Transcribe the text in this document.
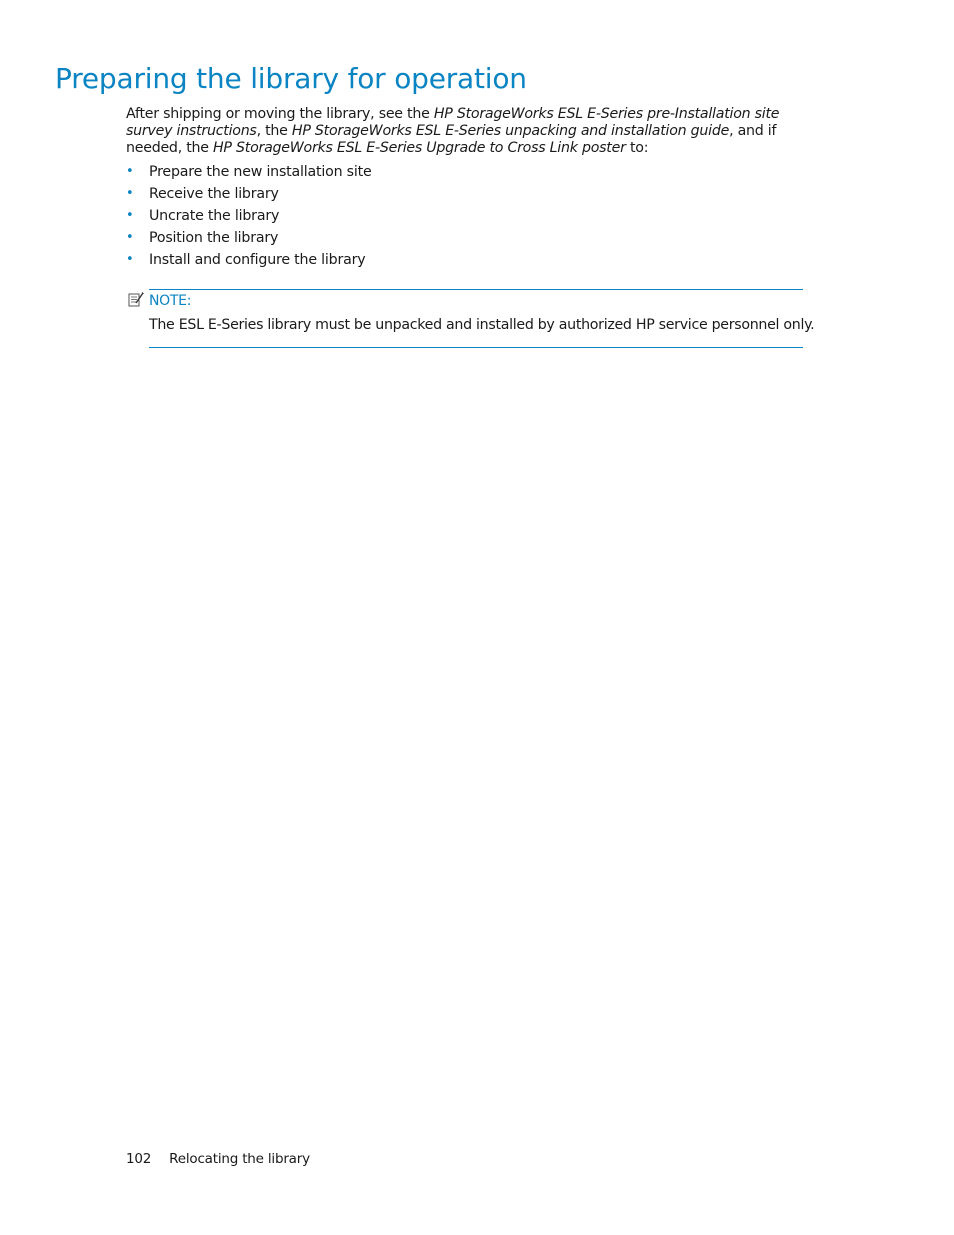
Preparing the library for operation

After shipping or moving the library, see the HP StorageWorks ESL E-Series pre-Installation site survey instructions, the HP StorageWorks ESL E-Series unpacking and installation guide, and if needed, the HP StorageWorks ESL E-Series Upgrade to Cross Link poster to:

• Prepare the new installation site
• Receive the library
• Uncrate the library
• Position the library
• Install and configure the library
NOTE:

The ESL E-Series library must be unpacked and installed by authorized HP service personnel only.

102 Relocating the library
